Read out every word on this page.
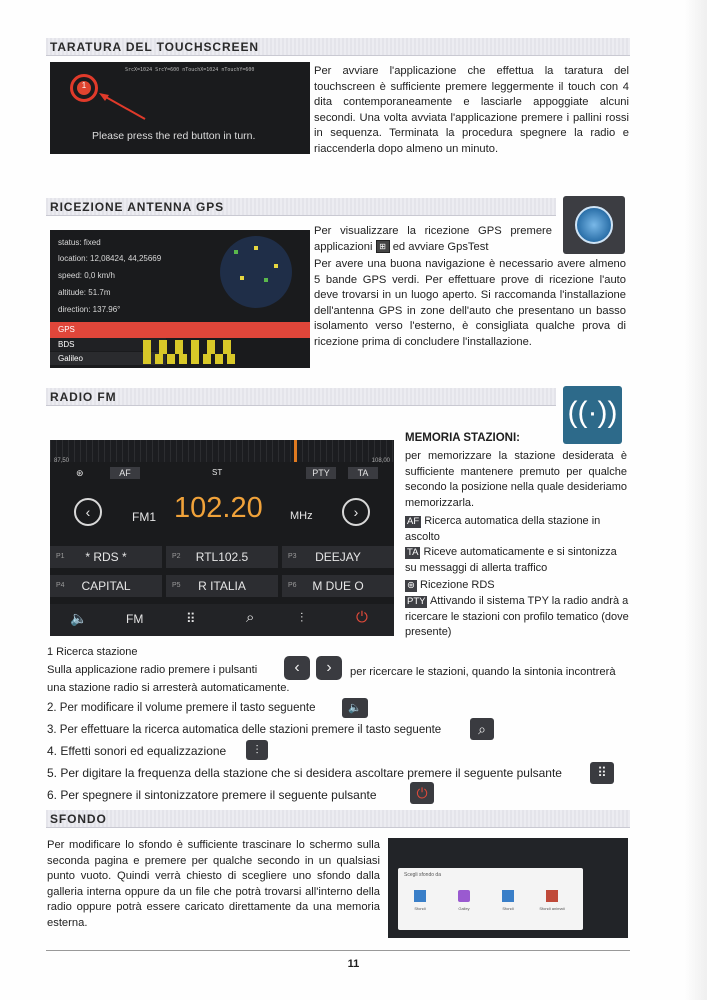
TARATURA DEL TOUCHSCREEN
SrcX=1024 SrcY=600 nTouchX=1024 nTouchY=600
1
Please press the red button in turn.
Per avviare l'applicazione che effettua la taratura del touchscreen è sufficiente premere leggermente il touch con 4 dita contemporaneamente e lasciarle appoggiate alcuni secondi. Una volta avviata l'applicazione premere i pallini rossi in sequenza. Terminata la procedura spegnere la radio e riaccenderla dopo almeno un minuto.
RICEZIONE ANTENNA GPS
status: fixed
location: 12,08424, 44,25669
speed: 0,0 km/h
altitude: 51.7m
direction: 137.96°
GPS
BDS
Galileo
Per visualizzare la ricezione GPS premere applicazioni ⊞ ed avviare GpsTest
Per avere una buona navigazione è necessario avere almeno 5 bande GPS verdi. Per effettuare prove di ricezione l'auto deve trovarsi in un luogo aperto. Si raccomanda l'installazione dell'antenna GPS in zone dell'auto che presentano un basso isolamento verso l'esterno, è consigliata qualche prova di ricezione prima di concludere l'installazione.
RADIO FM	((·))
87,50	108,00
⊛	AF	ST	PTY	TA
‹	FM1 102.20 MHz	›
P1	* RDS *	P2	RTL102.5	P3	DEEJAY
P4	CAPITAL	P5	R ITALIA	P6	M DUE O
🔈	FM	⠿	⌕	⫶	⏻
MEMORIA STAZIONI:
per memorizzare la stazione desiderata è sufficiente mantenere premuto per qualche secondo la posizione nella quale desideriamo memorizzarla.
AF Ricerca automatica della stazione in ascolto
TA Riceve automaticamente e si sintonizza su messaggi di allerta traffico
⊛ Ricezione RDS
PTY Attivando il sistema TPY la radio andrà a ricercare le stazioni con profilo tematico (dove presente)
1 Ricerca stazione
Sulla applicazione radio premere i pulsanti	‹	›	per ricercare le stazioni, quando la sintonia incontrerà una stazione radio si arresterà automaticamente.
2. Per modificare il volume premere il tasto seguente	🔈
3. Per effettuare la ricerca automatica delle stazioni premere il tasto seguente	⌕
4. Effetti sonori ed equalizzazione	⫶
5. Per digitare la frequenza della stazione che si desidera ascoltare premere il seguente pulsante	⠿
6. Per spegnere il sintonizzatore premere il seguente pulsante	⏻
SFONDO
Per modificare lo sfondo è sufficiente trascinare lo schermo sulla seconda pagina e premere per qualche secondo in un qualsiasi punto vuoto. Quindi verrà chiesto di scegliere uno sfondo dalla galleria interna oppure da un file che potrà trovarsi all'interno della radio oppure potrà essere caricato direttamente da una memoria esterna.
Scegli sfondo da
Sfondi	Galley	Sfondi	Sfondi animati
11
